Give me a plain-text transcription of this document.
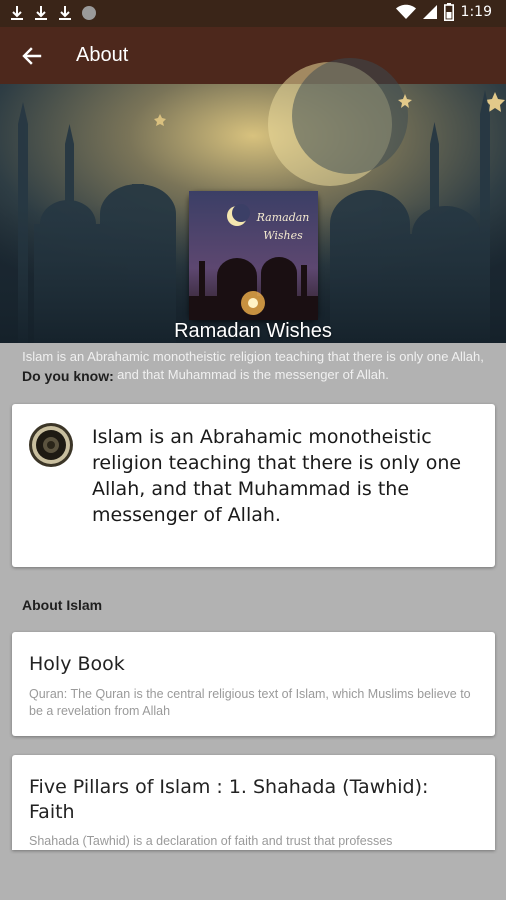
1:19
About
Ramadan
Wishes
Ramadan Wishes
Islam is an Abrahamic monotheistic religion teaching that there is only one Allah, and that Muhammad is the messenger of Allah.
Do you know:
Islam is an Abrahamic monotheistic religion teaching that there is only one Allah, and that Muhammad is the messenger of Allah.
About Islam
Holy Book
Quran: The Quran is the central religious text of Islam, which Muslims believe to be a revelation from Allah
Five Pillars of Islam : 1. Shahada (Tawhid): Faith
Shahada (Tawhid) is a declaration of faith and trust that professes
